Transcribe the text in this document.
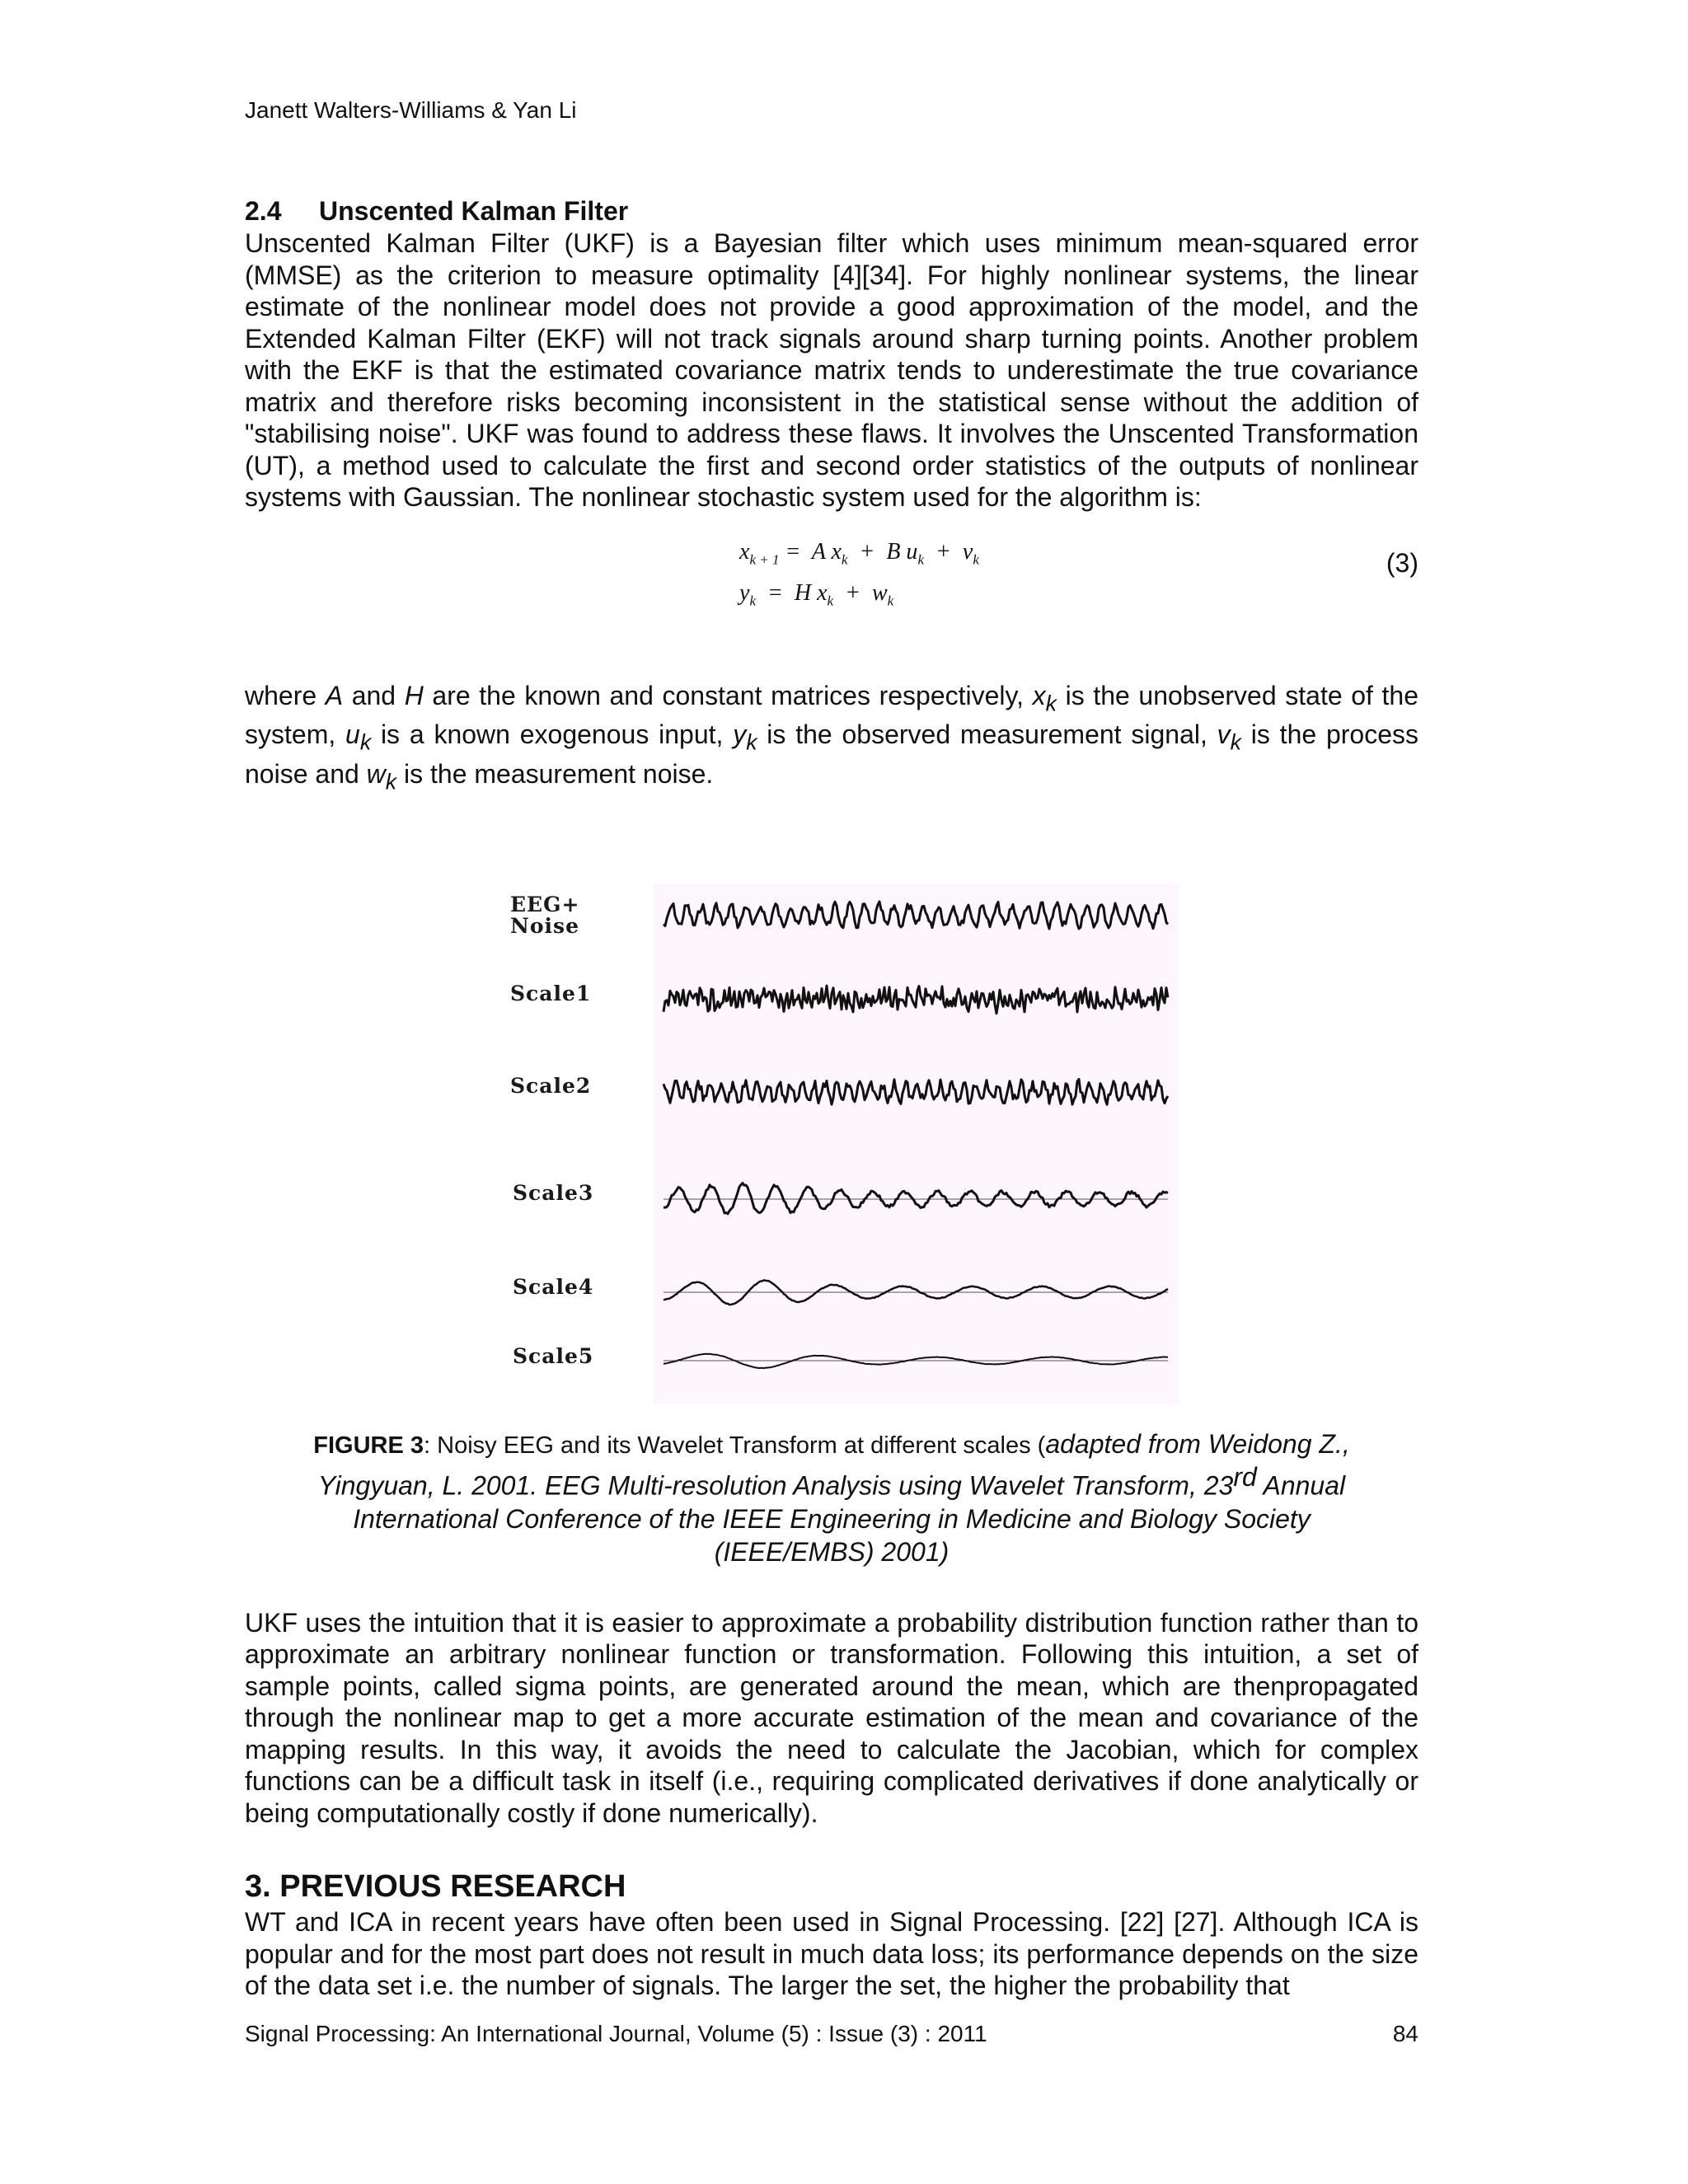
Janett Walters-Williams & Yan Li
2.4 Unscented Kalman Filter

Unscented Kalman Filter (UKF) is a Bayesian filter which uses minimum mean-squared error (MMSE) as the criterion to measure optimality [4][34]. For highly nonlinear systems, the linear estimate of the nonlinear model does not provide a good approximation of the model, and the Extended Kalman Filter (EKF) will not track signals around sharp turning points. Another problem with the EKF is that the estimated covariance matrix tends to underestimate the true covariance matrix and therefore risks becoming inconsistent in the statistical sense without the addition of "stabilising noise". UKF was found to address these flaws. It involves the Unscented Transformation (UT), a method used to calculate the first and second order statistics of the outputs of nonlinear systems with Gaussian. The nonlinear stochastic system used for the algorithm is:

$x_{k + 1} = A$ $x_k + B$ $u_k + v_k$
$y_k = H$ $x_k + w_k$
(3)

where A and H are the known and constant matrices respectively, $x_k$ is the unobserved state of the system, $u_k$ is a known exogenous input, $y_k$ is the observed measurement signal, $v_k$ is the process noise and $w_k$ is the measurement noise.

EEG+
Noise
Scale1
Scale2
Scale3
Scale4
Scale5

FIGURE 3: Noisy EEG and its Wavelet Transform at different scales (adapted from Weidong Z., Yingyuan, L. 2001. EEG Multi-resolution Analysis using Wavelet Transform, 23rd Annual International Conference of the IEEE Engineering in Medicine and Biology Society (IEEE/EMBS) 2001)

UKF uses the intuition that it is easier to approximate a probability distribution function rather than to approximate an arbitrary nonlinear function or transformation. Following this intuition, a set of sample points, called sigma points, are generated around the mean, which are thenpropagated through the nonlinear map to get a more accurate estimation of the mean and covariance of the mapping results. In this way, it avoids the need to calculate the Jacobian, which for complex functions can be a difficult task in itself (i.e., requiring complicated derivatives if done analytically or being computationally costly if done numerically).

3. PREVIOUS RESEARCH

WT and ICA in recent years have often been used in Signal Processing. [22] [27]. Although ICA is popular and for the most part does not result in much data loss; its performance depends on the size of the data set i.e. the number of signals. The larger the set, the higher the probability that

Signal Processing: An International Journal, Volume (5) : Issue (3) : 2011	84
